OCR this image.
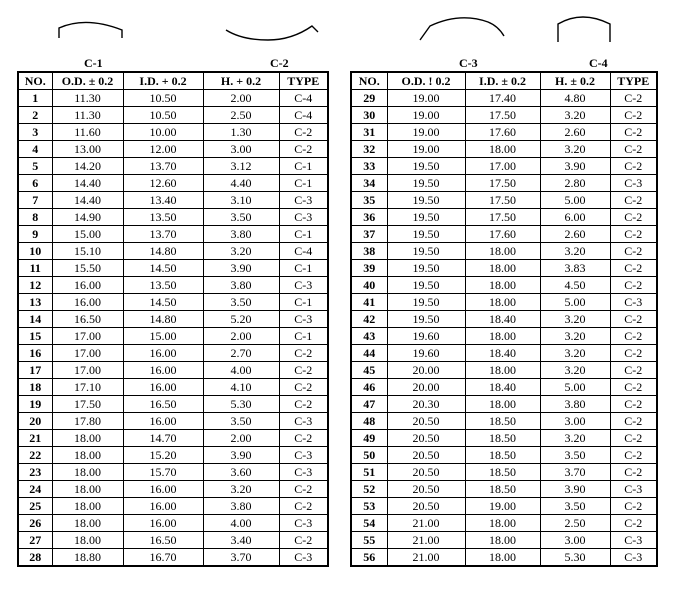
C-1	C-2	C-3	C-4
NO.	O.D. ± 0.2	I.D. + 0.2	H. + 0.2	TYPE
1	11.30	10.50	2.00	C-4
2	11.30	10.50	2.50	C-4
3	11.60	10.00	1.30	C-2
4	13.00	12.00	3.00	C-2
5	14.20	13.70	3.12	C-1
6	14.40	12.60	4.40	C-1
7	14.40	13.40	3.10	C-3
8	14.90	13.50	3.50	C-3
9	15.00	13.70	3.80	C-1
10	15.10	14.80	3.20	C-4
11	15.50	14.50	3.90	C-1
12	16.00	13.50	3.80	C-3
13	16.00	14.50	3.50	C-1
14	16.50	14.80	5.20	C-3
15	17.00	15.00	2.00	C-1
16	17.00	16.00	2.70	C-2
17	17.00	16.00	4.00	C-2
18	17.10	16.00	4.10	C-2
19	17.50	16.50	5.30	C-2
20	17.80	16.00	3.50	C-3
21	18.00	14.70	2.00	C-2
22	18.00	15.20	3.90	C-3
23	18.00	15.70	3.60	C-3
24	18.00	16.00	3.20	C-2
25	18.00	16.00	3.80	C-2
26	18.00	16.00	4.00	C-3
27	18.00	16.50	3.40	C-2
28	18.80	16.70	3.70	C-3
NO.	O.D. ! 0.2	I.D. ± 0.2	H. ± 0.2	TYPE
29	19.00	17.40	4.80	C-2
30	19.00	17.50	3.20	C-2
31	19.00	17.60	2.60	C-2
32	19.00	18.00	3.20	C-2
33	19.50	17.00	3.90	C-2
34	19.50	17.50	2.80	C-3
35	19.50	17.50	5.00	C-2
36	19.50	17.50	6.00	C-2
37	19.50	17.60	2.60	C-2
38	19.50	18.00	3.20	C-2
39	19.50	18.00	3.83	C-2
40	19.50	18.00	4.50	C-2
41	19.50	18.00	5.00	C-3
42	19.50	18.40	3.20	C-2
43	19.60	18.00	3.20	C-2
44	19.60	18.40	3.20	C-2
45	20.00	18.00	3.20	C-2
46	20.00	18.40	5.00	C-2
47	20.30	18.00	3.80	C-2
48	20.50	18.50	3.00	C-2
49	20.50	18.50	3.20	C-2
50	20.50	18.50	3.50	C-2
51	20.50	18.50	3.70	C-2
52	20.50	18.50	3.90	C-3
53	20.50	19.00	3.50	C-2
54	21.00	18.00	2.50	C-2
55	21.00	18.00	3.00	C-3
56	21.00	18.00	5.30	C-3
